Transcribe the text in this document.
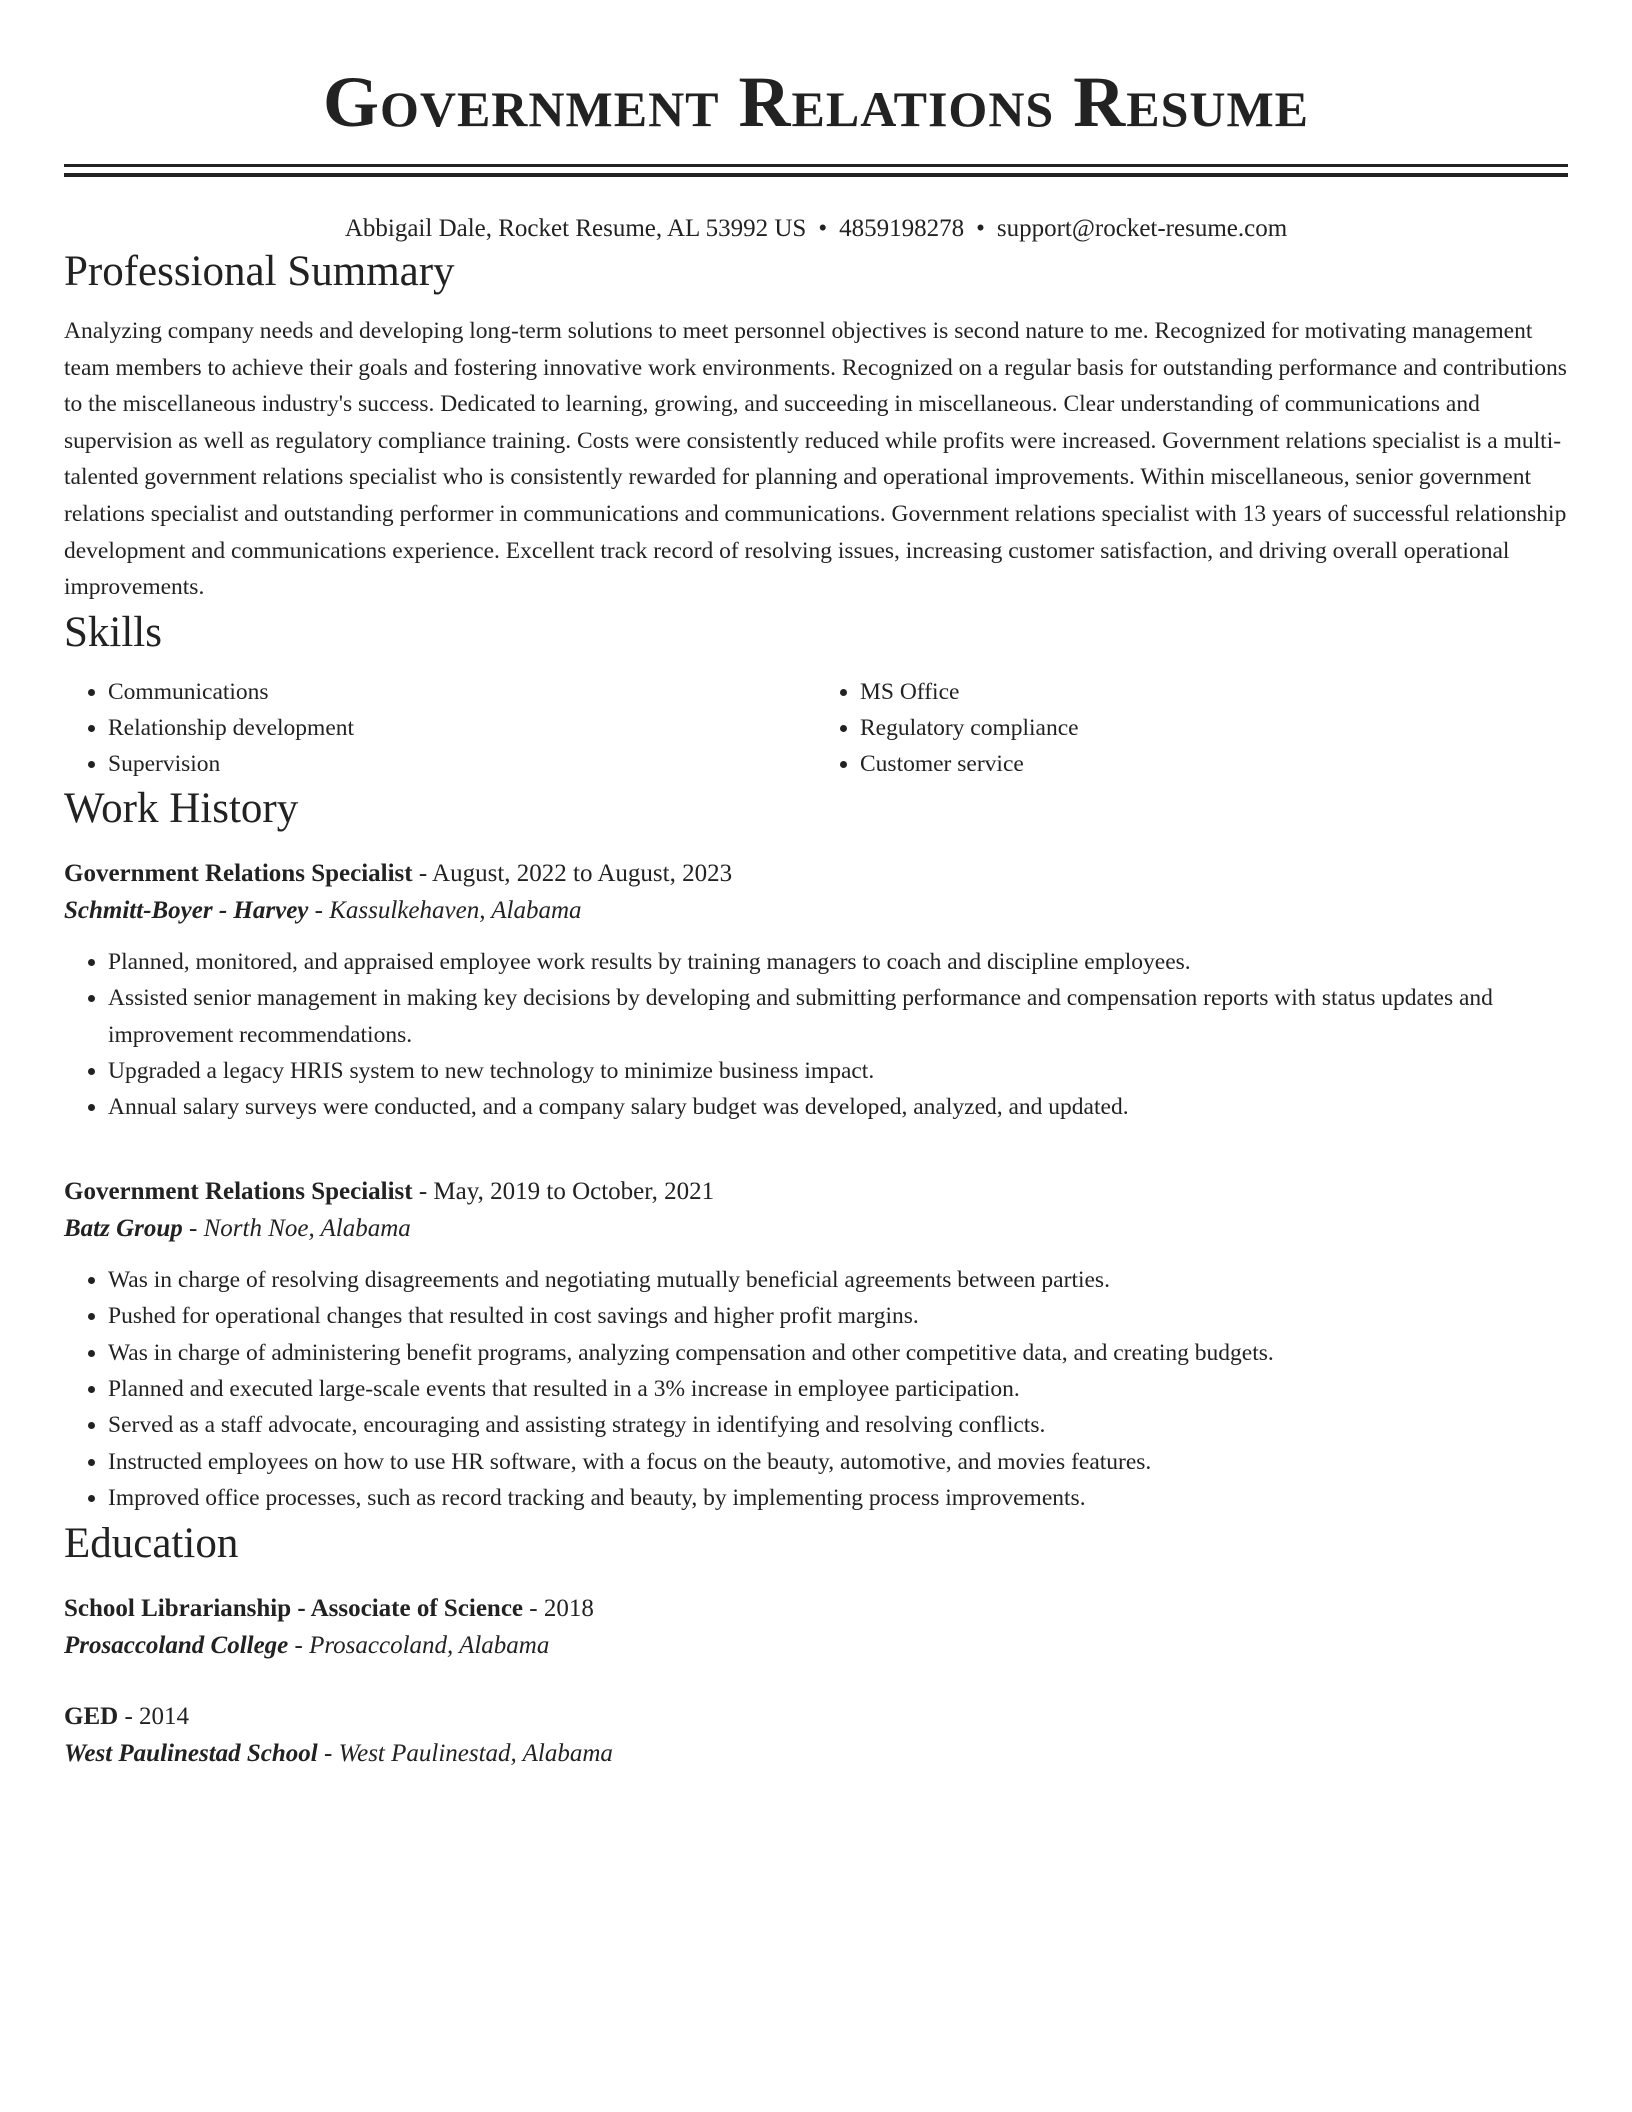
Government Relations Resume
Abbigail Dale, Rocket Resume, AL 53992 US • 4859198278 • support@rocket-resume.com
Professional Summary

Analyzing company needs and developing long-term solutions to meet personnel objectives is second nature to me. Recognized for motivating management team members to achieve their goals and fostering innovative work environments. Recognized on a regular basis for outstanding performance and contributions to the miscellaneous industry's success. Dedicated to learning, growing, and succeeding in miscellaneous. Clear understanding of communications and supervision as well as regulatory compliance training. Costs were consistently reduced while profits were increased. Government relations specialist is a multi-talented government relations specialist who is consistently rewarded for planning and operational improvements. Within miscellaneous, senior government relations specialist and outstanding performer in communications and communications. Government relations specialist with 13 years of successful relationship development and communications experience. Excellent track record of resolving issues, increasing customer satisfaction, and driving overall operational improvements.

Skills
• Communications
• Relationship development
• Supervision
• MS Office
• Regulatory compliance
• Customer service
Work History
Government Relations Specialist - August, 2022 to August, 2023
Schmitt-Boyer - Harvey - Kassulkehaven, Alabama
• Planned, monitored, and appraised employee work results by training managers to coach and discipline employees.
• Assisted senior management in making key decisions by developing and submitting performance and compensation reports with status updates and improvement recommendations.
• Upgraded a legacy HRIS system to new technology to minimize business impact.
• Annual salary surveys were conducted, and a company salary budget was developed, analyzed, and updated.
Government Relations Specialist - May, 2019 to October, 2021
Batz Group - North Noe, Alabama
• Was in charge of resolving disagreements and negotiating mutually beneficial agreements between parties.
• Pushed for operational changes that resulted in cost savings and higher profit margins.
• Was in charge of administering benefit programs, analyzing compensation and other competitive data, and creating budgets.
• Planned and executed large-scale events that resulted in a 3% increase in employee participation.
• Served as a staff advocate, encouraging and assisting strategy in identifying and resolving conflicts.
• Instructed employees on how to use HR software, with a focus on the beauty, automotive, and movies features.
• Improved office processes, such as record tracking and beauty, by implementing process improvements.
Education
School Librarianship - Associate of Science - 2018
Prosaccoland College - Prosaccoland, Alabama
GED - 2014
West Paulinestad School - West Paulinestad, Alabama
